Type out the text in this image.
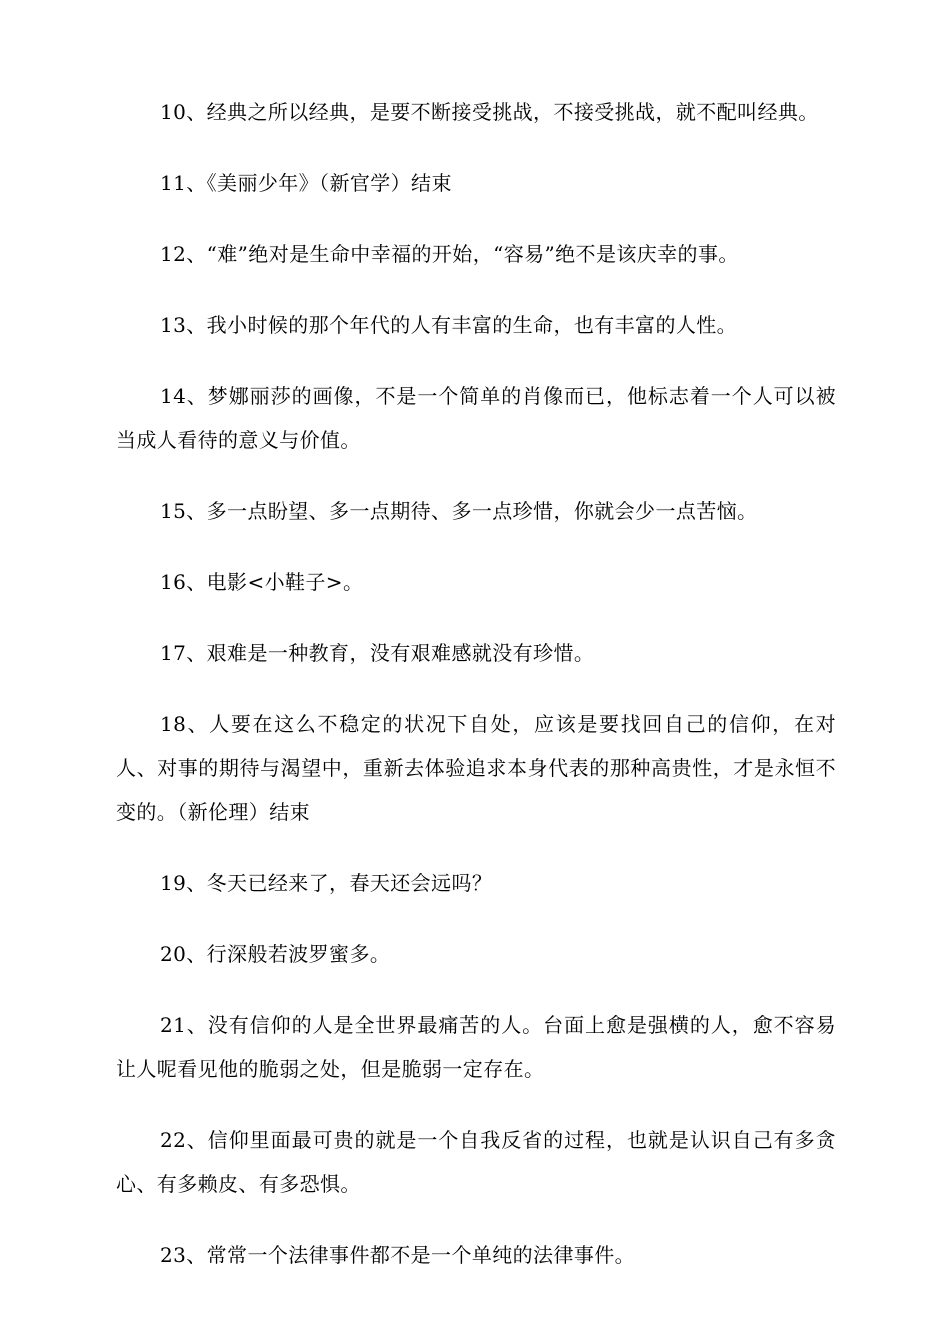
10、经典之所以经典，是要不断接受挑战，不接受挑战，就不配叫经典。

11、《美丽少年》（新官学）结束

12、“难”绝对是生命中幸福的开始，“容易”绝不是该庆幸的事。

13、我小时候的那个年代的人有丰富的生命，也有丰富的人性。

14、梦娜丽莎的画像，不是一个简单的肖像而已，他标志着一个人可以被当成人看待的意义与价值。

15、多一点盼望、多一点期待、多一点珍惜，你就会少一点苦恼。

16、电影<小鞋子>。

17、艰难是一种教育，没有艰难感就没有珍惜。

18、人要在这么不稳定的状况下自处，应该是要找回自己的信仰，在对人、对事的期待与渴望中，重新去体验追求本身代表的那种高贵性，才是永恒不变的。（新伦理）结束

19、冬天已经来了，春天还会远吗？

20、行深般若波罗蜜多。

21、没有信仰的人是全世界最痛苦的人。台面上愈是强横的人，愈不容易让人呢看见他的脆弱之处，但是脆弱一定存在。

22、信仰里面最可贵的就是一个自我反省的过程，也就是认识自己有多贪心、有多赖皮、有多恐惧。

23、常常一个法律事件都不是一个单纯的法律事件。
